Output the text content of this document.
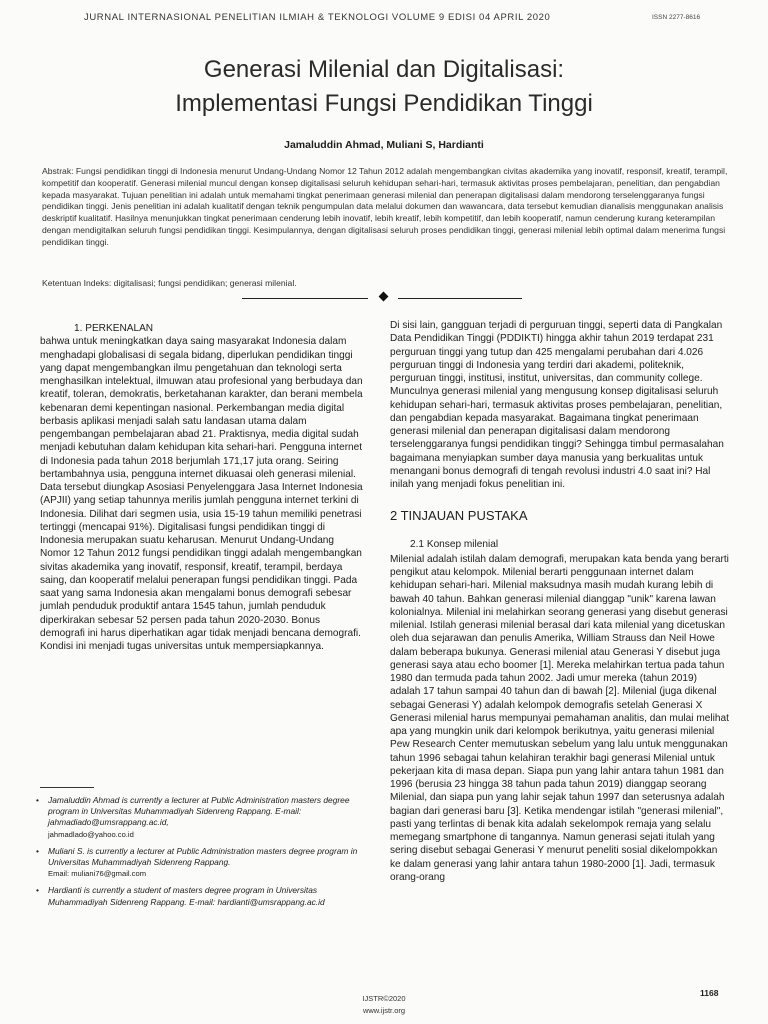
JURNAL INTERNASIONAL PENELITIAN ILMIAH & TEKNOLOGI VOLUME 9 EDISI 04 APRIL 2020	ISSN 2277-8616
Generasi Milenial dan Digitalisasi:
Implementasi Fungsi Pendidikan Tinggi
Jamaluddin Ahmad, Muliani S, Hardianti

Abstrak: Fungsi pendidikan tinggi di Indonesia menurut Undang-Undang Nomor 12 Tahun 2012 adalah mengembangkan civitas akademika yang inovatif, responsif, kreatif, terampil, kompetitif dan kooperatif. Generasi milenial muncul dengan konsep digitalisasi seluruh kehidupan sehari-hari, termasuk aktivitas proses pembelajaran, penelitian, dan pengabdian kepada masyarakat. Tujuan penelitian ini adalah untuk memahami tingkat penerimaan generasi milenial dan penerapan digitalisasi dalam mendorong terselenggaranya fungsi pendidikan tinggi. Jenis penelitian ini adalah kualitatif dengan teknik pengumpulan data melalui dokumen dan wawancara, data tersebut kemudian dianalisis menggunakan analisis deskriptif kualitatif. Hasilnya menunjukkan tingkat penerimaan cenderung lebih inovatif, lebih kreatif, lebih kompetitif, dan lebih kooperatif, namun cenderung kurang keterampilan dengan mendigitalkan seluruh fungsi pendidikan tinggi. Kesimpulannya, dengan digitalisasi seluruh proses pendidikan tinggi, generasi milenial lebih optimal dalam menerima fungsi pendidikan tinggi.

Ketentuan Indeks: digitalisasi; fungsi pendidikan; generasi milenial.

1. PERKENALAN

bahwa untuk meningkatkan daya saing masyarakat Indonesia dalam menghadapi globalisasi di segala bidang, diperlukan pendidikan tinggi yang dapat mengembangkan ilmu pengetahuan dan teknologi serta menghasilkan intelektual, ilmuwan atau profesional yang berbudaya dan kreatif, toleran, demokratis, berketahanan karakter, dan berani membela kebenaran demi kepentingan nasional. Perkembangan media digital berbasis aplikasi menjadi salah satu landasan utama dalam pengembangan pembelajaran abad 21. Praktisnya, media digital sudah menjadi kebutuhan dalam kehidupan kita sehari-hari. Pengguna internet di Indonesia pada tahun 2018 berjumlah 171,17 juta orang. Seiring bertambahnya usia, pengguna internet dikuasai oleh generasi milenial. Data tersebut diungkap Asosiasi Penyelenggara Jasa Internet Indonesia (APJII) yang setiap tahunnya merilis jumlah pengguna internet terkini di Indonesia. Dilihat dari segmen usia, usia 15-19 tahun memiliki penetrasi tertinggi (mencapai 91%). Digitalisasi fungsi pendidikan tinggi di Indonesia merupakan suatu keharusan. Menurut Undang-Undang Nomor 12 Tahun 2012 fungsi pendidikan tinggi adalah mengembangkan sivitas akademika yang inovatif, responsif, kreatif, terampil, berdaya saing, dan kooperatif melalui penerapan fungsi pendidikan tinggi. Pada saat yang sama Indonesia akan mengalami bonus demografi sebesar jumlah penduduk produktif antara 1545 tahun, jumlah penduduk diperkirakan sebesar 52 persen pada tahun 2020-2030. Bonus demografi ini harus diperhatikan agar tidak menjadi bencana demografi. Kondisi ini menjadi tugas universitas untuk mempersiapkannya.

Di sisi lain, gangguan terjadi di perguruan tinggi, seperti data di Pangkalan Data Pendidikan Tinggi (PDDIKTI) hingga akhir tahun 2019 terdapat 231 perguruan tinggi yang tutup dan 425 mengalami perubahan dari 4.026 perguruan tinggi di Indonesia yang terdiri dari akademi, politeknik, perguruan tinggi, institusi, institut, universitas, dan community college. Munculnya generasi milenial yang mengusung konsep digitalisasi seluruh kehidupan sehari-hari, termasuk aktivitas proses pembelajaran, penelitian, dan pengabdian kepada masyarakat. Bagaimana tingkat penerimaan generasi milenial dan penerapan digitalisasi dalam mendorong terselenggaranya fungsi pendidikan tinggi? Sehingga timbul permasalahan bagaimana menyiapkan sumber daya manusia yang berkualitas untuk menangani bonus demografi di tengah revolusi industri 4.0 saat ini? Hal inilah yang menjadi fokus penelitian ini.

2 TINJAUAN PUSTAKA

2.1 Konsep milenial

Milenial adalah istilah dalam demografi, merupakan kata benda yang berarti pengikut atau kelompok. Milenial berarti penggunaan internet dalam kehidupan sehari-hari. Milenial maksudnya masih mudah kurang lebih di bawah 40 tahun. Bahkan generasi milenial dianggap "unik" karena lawan kolonialnya. Milenial ini melahirkan seorang generasi yang disebut generasi milenial. Istilah generasi milenial berasal dari kata milenial yang dicetuskan oleh dua sejarawan dan penulis Amerika, William Strauss dan Neil Howe dalam beberapa bukunya. Generasi milenial atau Generasi Y disebut juga generasi saya atau echo boomer [1]. Mereka melahirkan tertua pada tahun 1980 dan termuda pada tahun 2002. Jadi umur mereka (tahun 2019) adalah 17 tahun sampai 40 tahun dan di bawah [2]. Milenial (juga dikenal sebagai Generasi Y) adalah kelompok demografis setelah Generasi X Generasi milenial harus mempunyai pemahaman analitis, dan mulai melihat apa yang mungkin unik dari kelompok berikutnya, yaitu generasi milenial Pew Research Center memutuskan sebelum yang lalu untuk menggunakan tahun 1996 sebagai tahun kelahiran terakhir bagi generasi Milenial untuk pekerjaan kita di masa depan. Siapa pun yang lahir antara tahun 1981 dan 1996 (berusia 23 hingga 38 tahun pada tahun 2019) dianggap seorang Milenial, dan siapa pun yang lahir sejak tahun 1997 dan seterusnya adalah bagian dari generasi baru [3]. Ketika mendengar istilah "generasi milenial", pasti yang terlintas di benak kita adalah sekelompok remaja yang selalu memegang smartphone di tangannya. Namun generasi sejati itulah yang sering disebut sebagai Generasi Y menurut peneliti sosial dikelompokkan ke dalam generasi yang lahir antara tahun 1980-2000 [1]. Jadi, termasuk orang-orang

• Jamaluddin Ahmad is currently a lecturer at Public Administration masters degree program in Universitas Muhammadiyah Sidenreng Rappang. E-mail: jahmadiado@umsrappang.ac.id,
jahmadlado@yahoo.co.id
• Muliani S. is currently a lecturer at Public Administration masters degree program in Universitas Muhammadiyah Sidenreng Rappang.
Email: muliani76@gmail.com
• Hardianti is currently a student of masters degree program in Universitas Muhammadiyah Sidenreng Rappang. E-mail: hardianti@umsrappang.ac.id
1168
IJSTR©2020
www.ijstr.org
